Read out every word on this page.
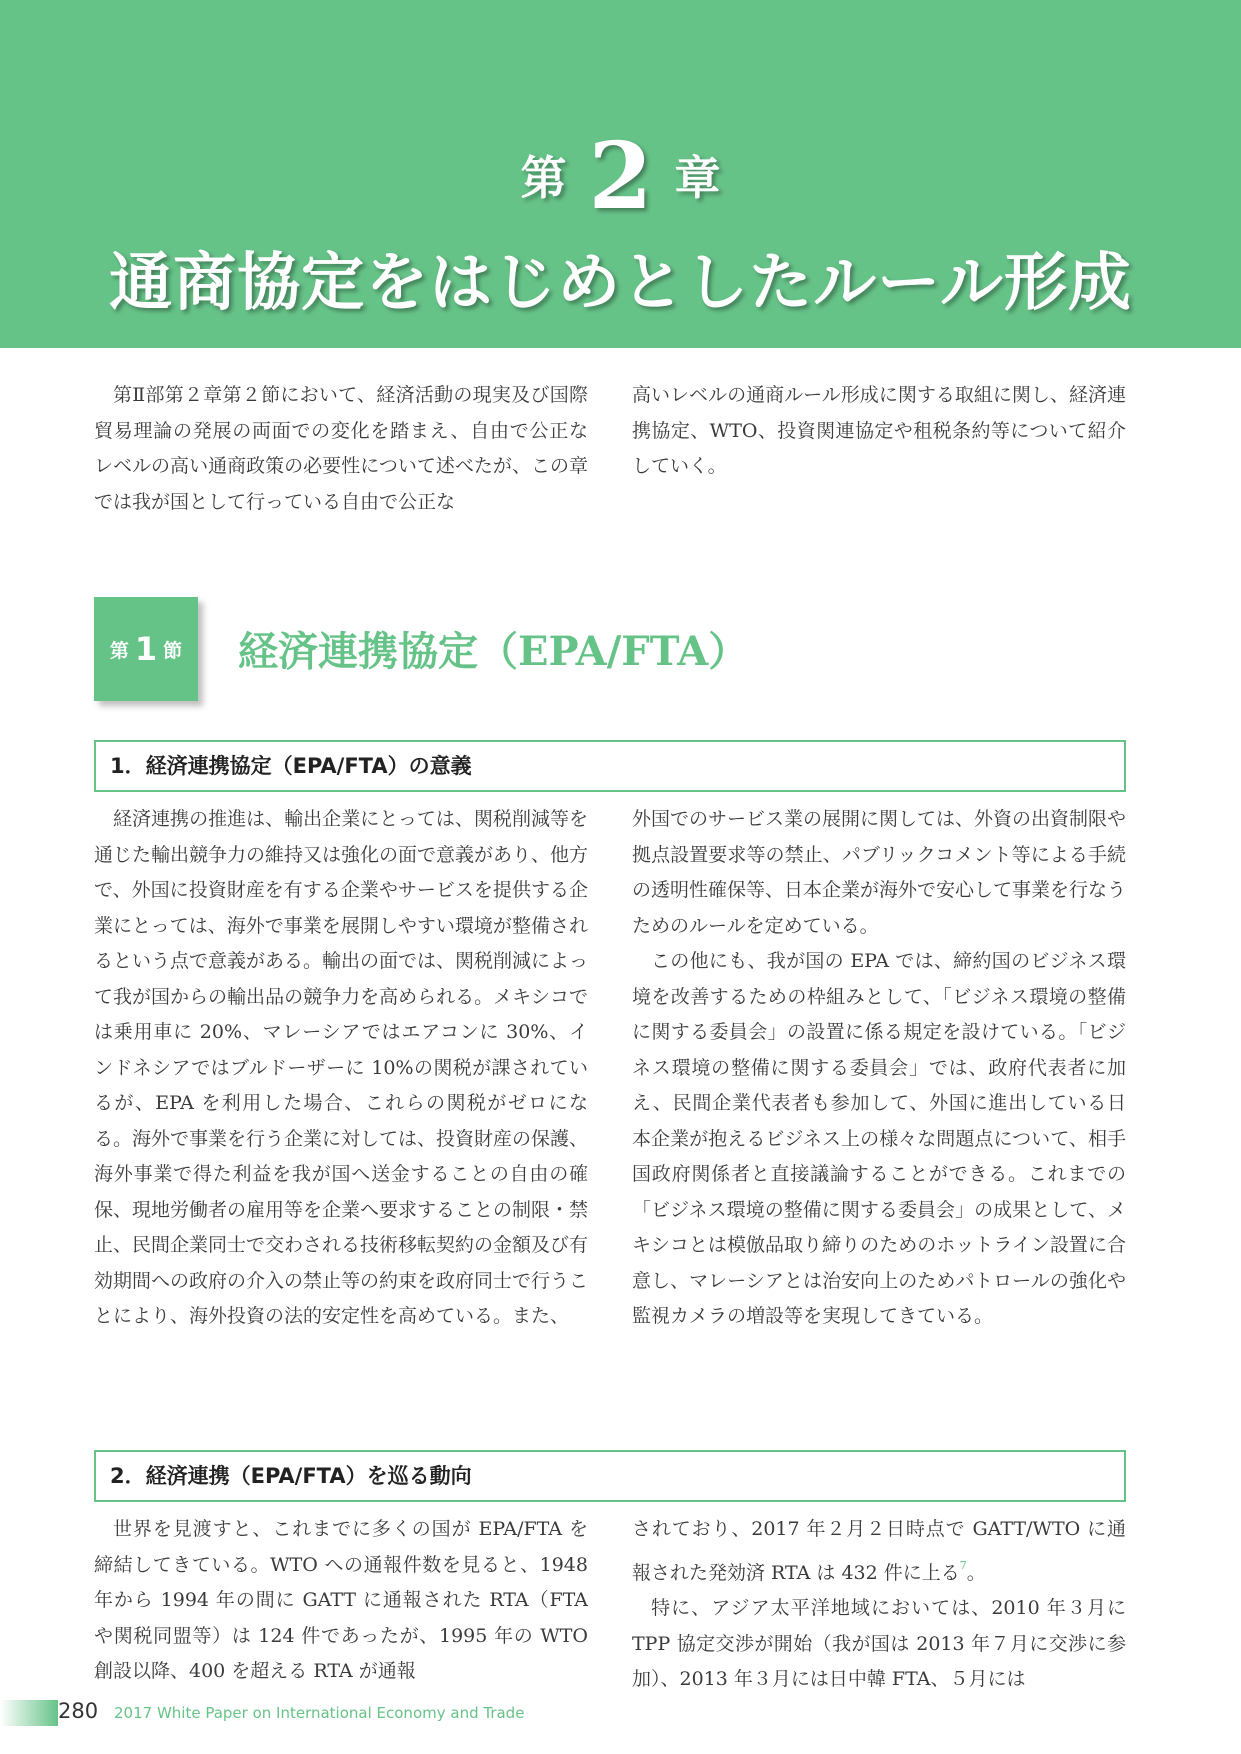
第 2 章
通商協定をはじめとしたルール形成

第Ⅱ部第２章第２節において、経済活動の現実及び国際貿易理論の発展の両面での変化を踏まえ、自由で公正なレベルの高い通商政策の必要性について述べたが、この章では我が国として行っている自由で公正な

高いレベルの通商ルール形成に関する取組に関し、経済連携協定、WTO、投資関連協定や租税条約等について紹介していく。

第 1 節 経済連携協定（EPA/FTA）
1．経済連携協定（EPA/FTA）の意義

経済連携の推進は、輸出企業にとっては、関税削減等を通じた輸出競争力の維持又は強化の面で意義があり、他方で、外国に投資財産を有する企業やサービスを提供する企業にとっては、海外で事業を展開しやすい環境が整備されるという点で意義がある。輸出の面では、関税削減によって我が国からの輸出品の競争力を高められる。メキシコでは乗用車に 20%、マレーシアではエアコンに 30%、インドネシアではブルドーザーに 10%の関税が課されているが、EPA を利用した場合、これらの関税がゼロになる。海外で事業を行う企業に対しては、投資財産の保護、海外事業で得た利益を我が国へ送金することの自由の確保、現地労働者の雇用等を企業へ要求することの制限・禁止、民間企業同士で交わされる技術移転契約の金額及び有効期間への政府の介入の禁止等の約束を政府同士で行うことにより、海外投資の法的安定性を高めている。また、

外国でのサービス業の展開に関しては、外資の出資制限や拠点設置要求等の禁止、パブリックコメント等による手続の透明性確保等、日本企業が海外で安心して事業を行なうためのルールを定めている。

この他にも、我が国の EPA では、締約国のビジネス環境を改善するための枠組みとして、「ビジネス環境の整備に関する委員会」の設置に係る規定を設けている。「ビジネス環境の整備に関する委員会」では、政府代表者に加え、民間企業代表者も参加して、外国に進出している日本企業が抱えるビジネス上の様々な問題点について、相手国政府関係者と直接議論することができる。これまでの「ビジネス環境の整備に関する委員会」の成果として、メキシコとは模倣品取り締りのためのホットライン設置に合意し、マレーシアとは治安向上のためパトロールの強化や監視カメラの増設等を実現してきている。

2．経済連携（EPA/FTA）を巡る動向

世界を見渡すと、これまでに多くの国が EPA/FTA を締結してきている。WTO への通報件数を見ると、1948 年から 1994 年の間に GATT に通報された RTA（FTA や関税同盟等）は 124 件であったが、1995 年の WTO 創設以降、400 を超える RTA が通報

されており、2017 年２月２日時点で GATT/WTO に通報された発効済 RTA は 432 件に上る$^7$。

特に、アジア太平洋地域においては、2010 年３月に TPP 協定交渉が開始（我が国は 2013 年７月に交渉に参加）、2013 年３月には日中韓 FTA、５月には

280 2017 White Paper on International Economy and Trade
